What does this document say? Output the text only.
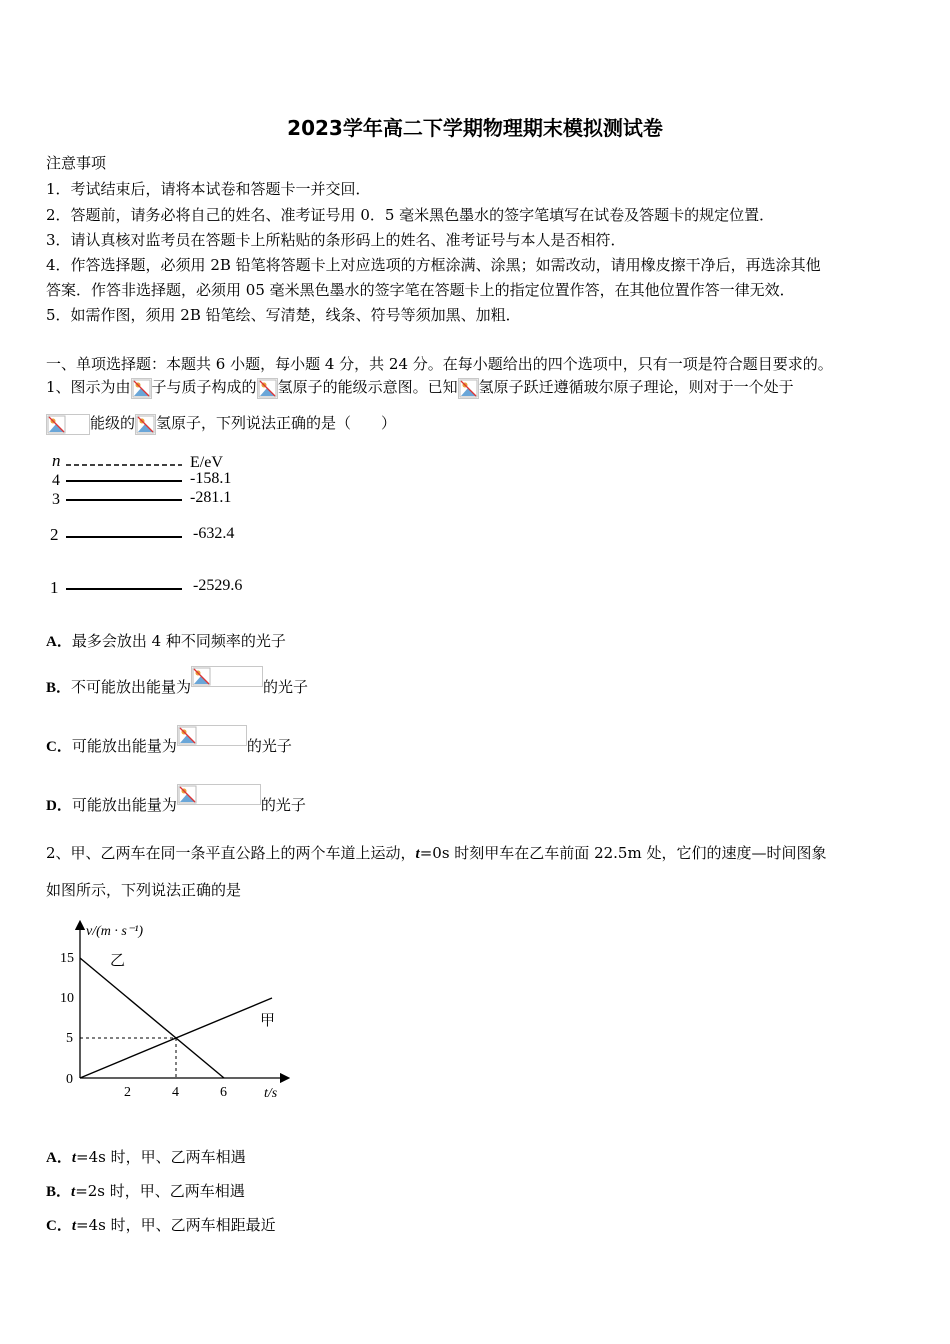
2023学年高二下学期物理期末模拟测试卷
注意事项
1．考试结束后，请将本试卷和答题卡一并交回．
2．答题前，请务必将自己的姓名、准考证号用 0．5 毫米黑色墨水的签字笔填写在试卷及答题卡的规定位置．
3．请认真核对监考员在答题卡上所粘贴的条形码上的姓名、准考证号与本人是否相符．
4．作答选择题，必须用 2B 铅笔将答题卡上对应选项的方框涂满、涂黑；如需改动，请用橡皮擦干净后，再选涂其他
答案．作答非选择题，必须用 05 毫米黑色墨水的签字笔在答题卡上的指定位置作答，在其他位置作答一律无效．
5．如需作图，须用 2B 铅笔绘、写清楚，线条、符号等须加黑、加粗．
一、单项选择题：本题共 6 小题，每小题 4 分，共 24 分。在每小题给出的四个选项中，只有一项是符合题目要求的。
1、图示为由 子与质子构成的 氢原子的能级示意图。已知 氢原子跃迁遵循玻尔原子理论，则对于一个处于
能级的 氢原子，下列说法正确的是（　　）
n	E/eV
4	-158.1
3	-281.1
2	-632.4
1	-2529.6
A．最多会放出 4 种不同频率的光子
B．不可能放出能量为	的光子
C．可能放出能量为	的光子
D．可能放出能量为	的光子
2、甲、乙两车在同一条平直公路上的两个车道上运动，t=0s 时刻甲车在乙车前面 22.5m 处，它们的速度—时间图象
如图所示，下列说法正确的是
v/(m · s⁻¹)
t/s
15
10
5
0
2	4	6
乙
甲
A．t=4s 时，甲、乙两车相遇
B．t=2s 时，甲、乙两车相遇
C．t=4s 时，甲、乙两车相距最近
